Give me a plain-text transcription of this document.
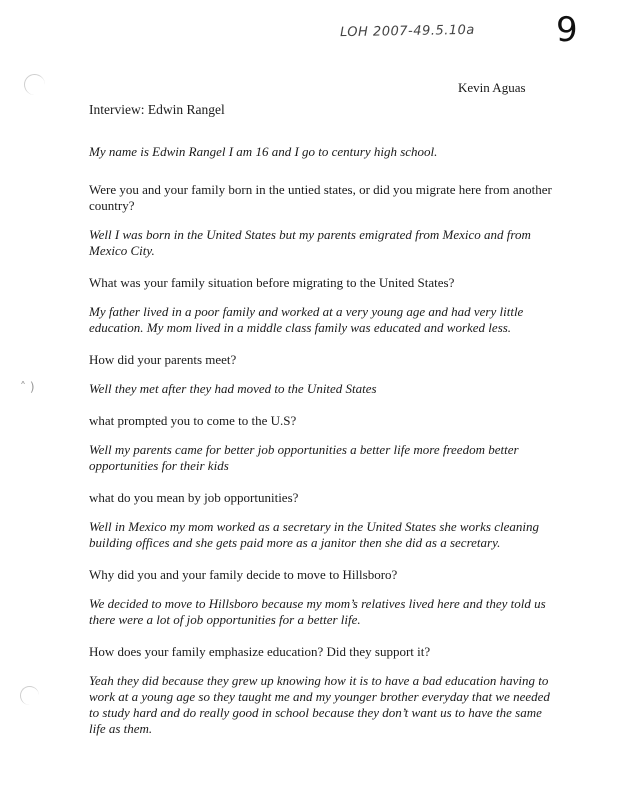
˄ )
LOH 2007-49.5.10a 9
Kevin Aguas
Interview: Edwin Rangel

My name is Edwin Rangel I am 16 and I go to century high school.

Were you and your family born in the untied states, or did you migrate here from another country?

Well I was born in the United States but my parents emigrated from Mexico and from Mexico City.

What was your family situation before migrating to the United States?

My father lived in a poor family and worked at a very young age and had very little education. My mom lived in a middle class family was educated and worked less.

How did your parents meet?

Well they met after they had moved to the United States

what prompted you to come to the U.S?

Well my parents came for better job opportunities a better life more freedom better opportunities for their kids

what do you mean by job opportunities?

Well in Mexico my mom worked as a secretary in the United States she works cleaning building offices and she gets paid more as a janitor then she did as a secretary.

Why did you and your family decide to move to Hillsboro?

We decided to move to Hillsboro because my mom’s relatives lived here and they told us there were a lot of job opportunities for a better life.

How does your family emphasize education? Did they support it?

Yeah they did because they grew up knowing how it is to have a bad education having to work at a young age so they taught me and my younger brother everyday that we needed to study hard and do really good in school because they don’t want us to have the same life as them.
